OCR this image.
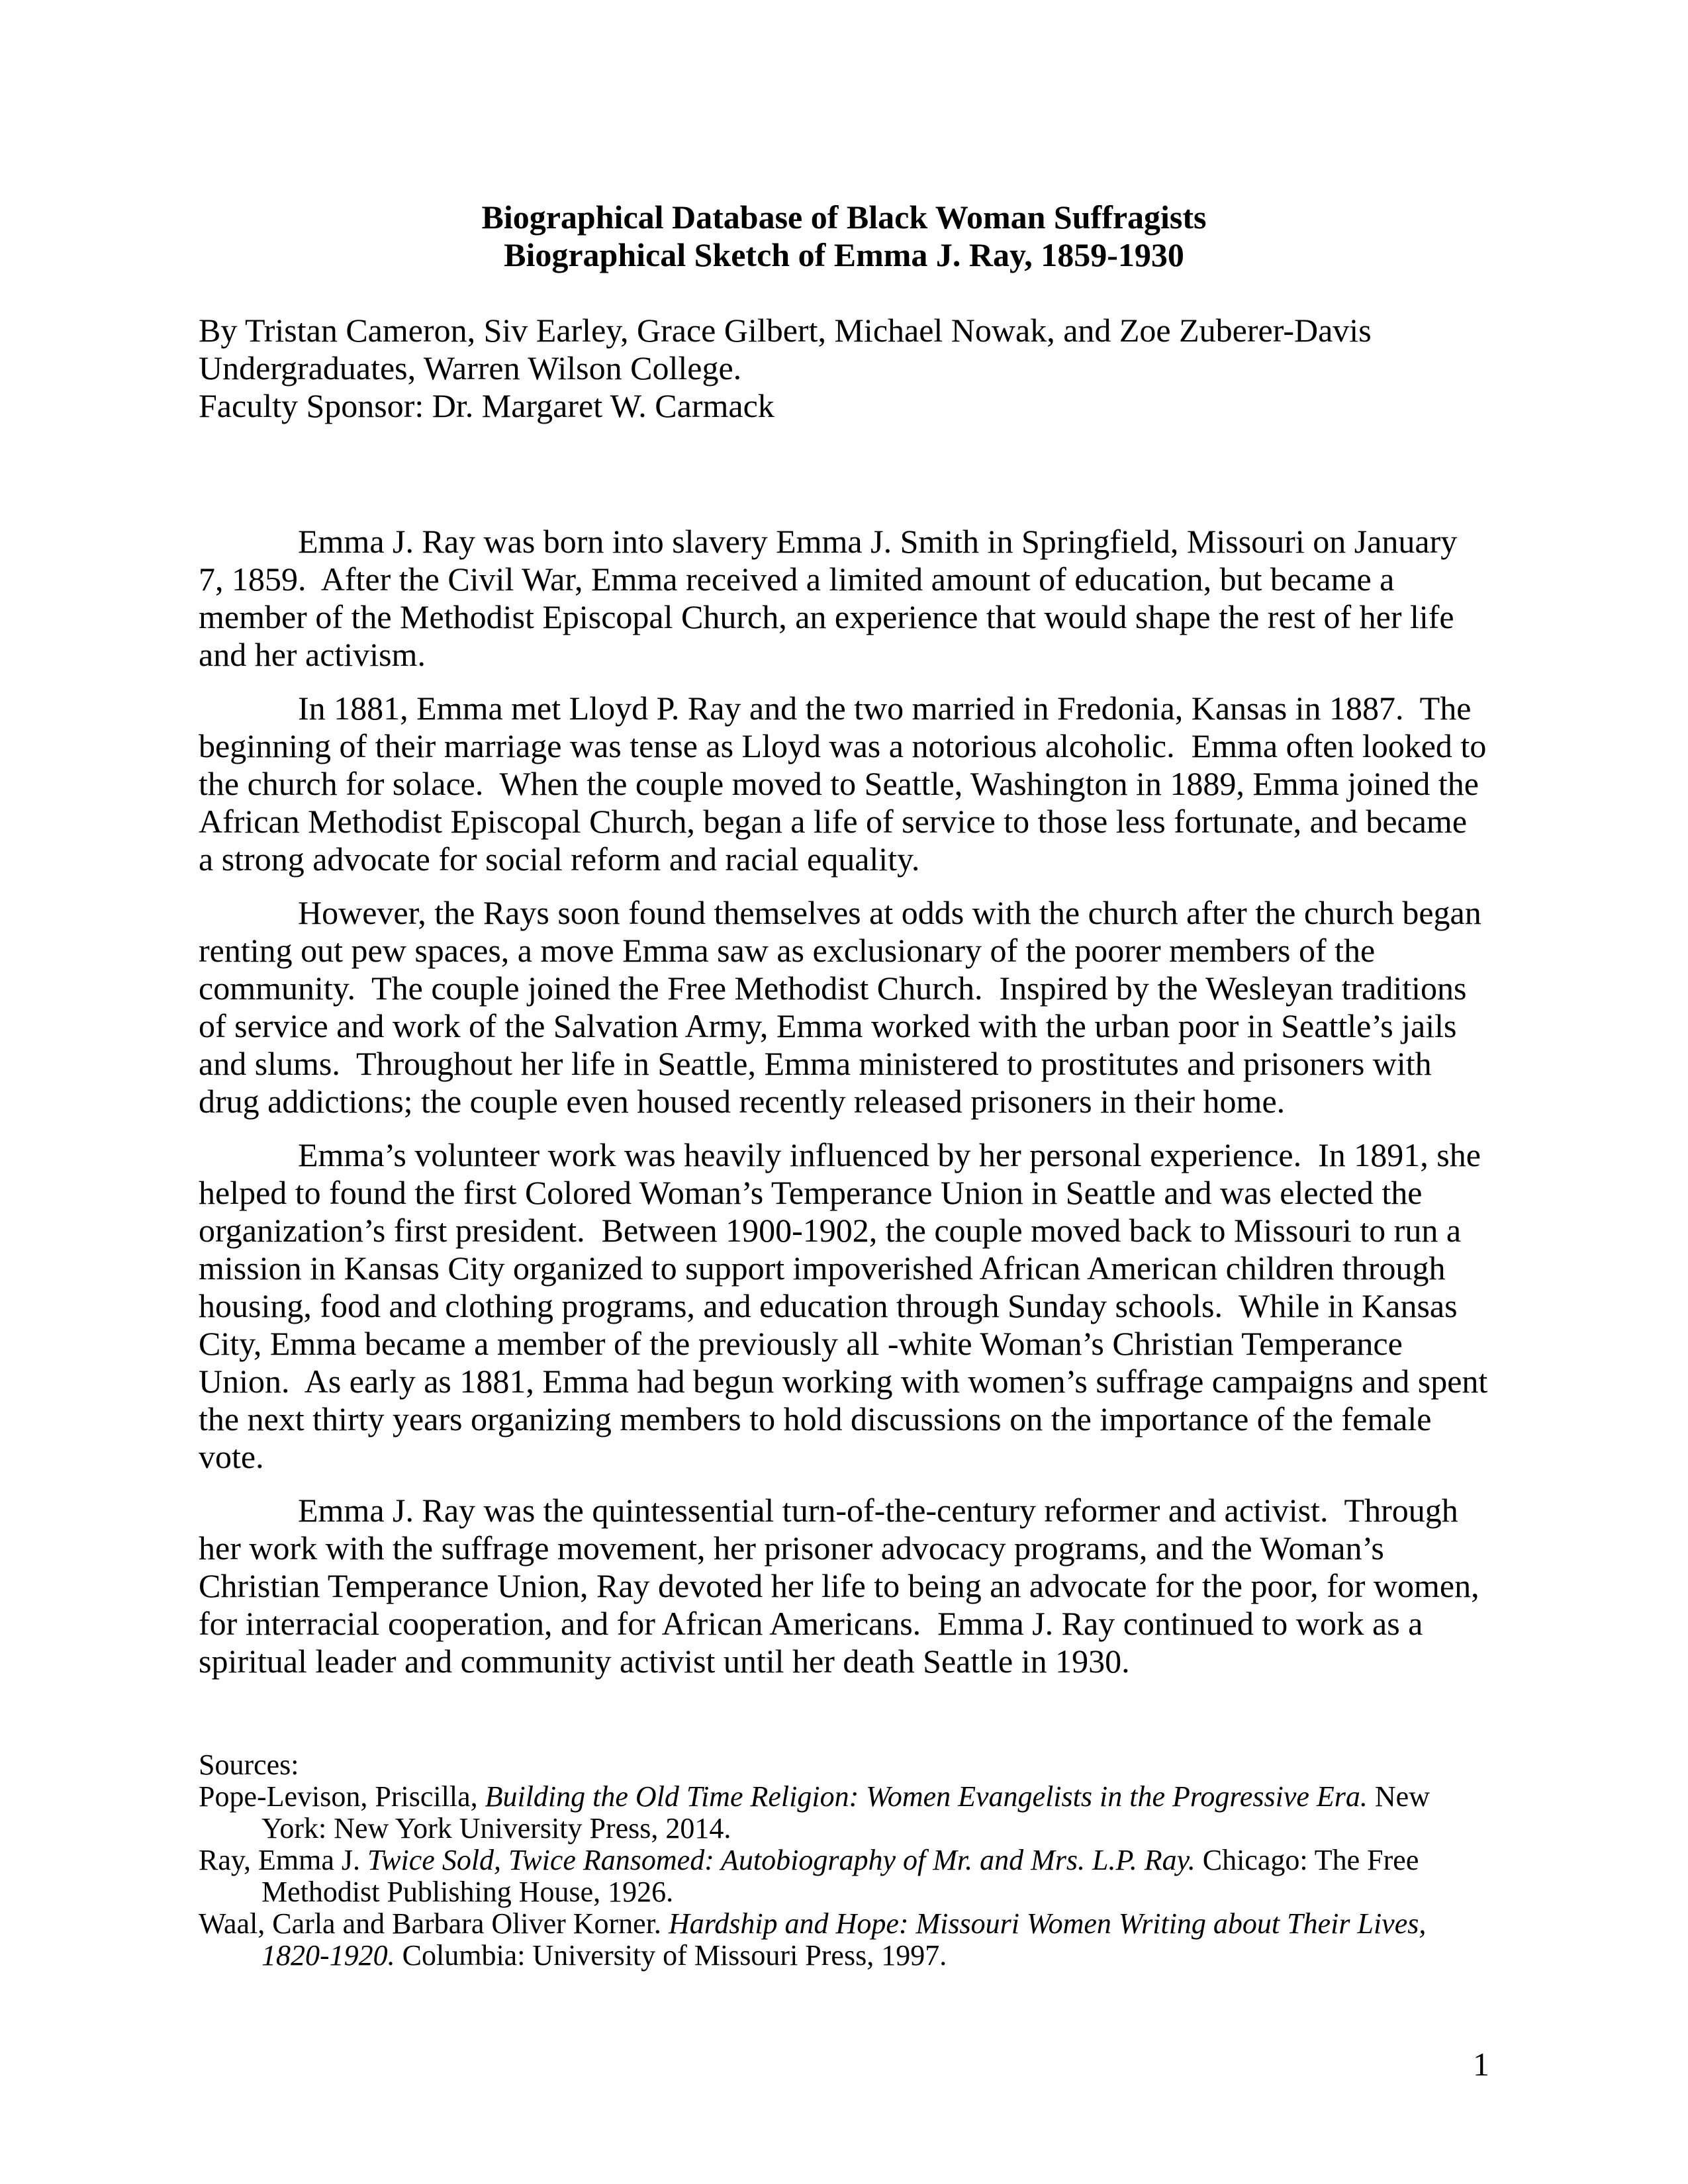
Biographical Database of Black Woman Suffragists
Biographical Sketch of Emma J. Ray, 1859-1930
By Tristan Cameron, Siv Earley, Grace Gilbert, Michael Nowak, and Zoe Zuberer-Davis
Undergraduates, Warren Wilson College.
Faculty Sponsor: Dr. Margaret W. Carmack

Emma J. Ray was born into slavery Emma J. Smith in Springfield, Missouri on January 7, 1859.  After the Civil War, Emma received a limited amount of education, but became a member of the Methodist Episcopal Church, an experience that would shape the rest of her life and her activism.

In 1881, Emma met Lloyd P. Ray and the two married in Fredonia, Kansas in 1887.  The beginning of their marriage was tense as Lloyd was a notorious alcoholic.  Emma often looked to the church for solace.  When the couple moved to Seattle, Washington in 1889, Emma joined the African Methodist Episcopal Church, began a life of service to those less fortunate, and became a strong advocate for social reform and racial equality.

However, the Rays soon found themselves at odds with the church after the church began renting out pew spaces, a move Emma saw as exclusionary of the poorer members of the community.  The couple joined the Free Methodist Church.  Inspired by the Wesleyan traditions of service and work of the Salvation Army, Emma worked with the urban poor in Seattle’s jails and slums.  Throughout her life in Seattle, Emma ministered to prostitutes and prisoners with drug addictions; the couple even housed recently released prisoners in their home.

Emma’s volunteer work was heavily influenced by her personal experience.  In 1891, she helped to found the first Colored Woman’s Temperance Union in Seattle and was elected the organization’s first president.  Between 1900-1902, the couple moved back to Missouri to run a mission in Kansas City organized to support impoverished African American children through housing, food and clothing programs, and education through Sunday schools.  While in Kansas City, Emma became a member of the previously all -white Woman’s Christian Temperance Union.  As early as 1881, Emma had begun working with women’s suffrage campaigns and spent the next thirty years organizing members to hold discussions on the importance of the female vote.

Emma J. Ray was the quintessential turn-of-the-century reformer and activist.  Through her work with the suffrage movement, her prisoner advocacy programs, and the Woman’s Christian Temperance Union, Ray devoted her life to being an advocate for the poor, for women, for interracial cooperation, and for African Americans.  Emma J. Ray continued to work as a spiritual leader and community activist until her death Seattle in 1930.

Sources:
Pope-Levison, Priscilla, Building the Old Time Religion: Women Evangelists in the Progressive Era. New York: New York University Press, 2014.
Ray, Emma J. Twice Sold, Twice Ransomed: Autobiography of Mr. and Mrs. L.P. Ray. Chicago: The Free Methodist Publishing House, 1926.
Waal, Carla and Barbara Oliver Korner. Hardship and Hope: Missouri Women Writing about Their Lives, 1820-1920. Columbia: University of Missouri Press, 1997.
1
